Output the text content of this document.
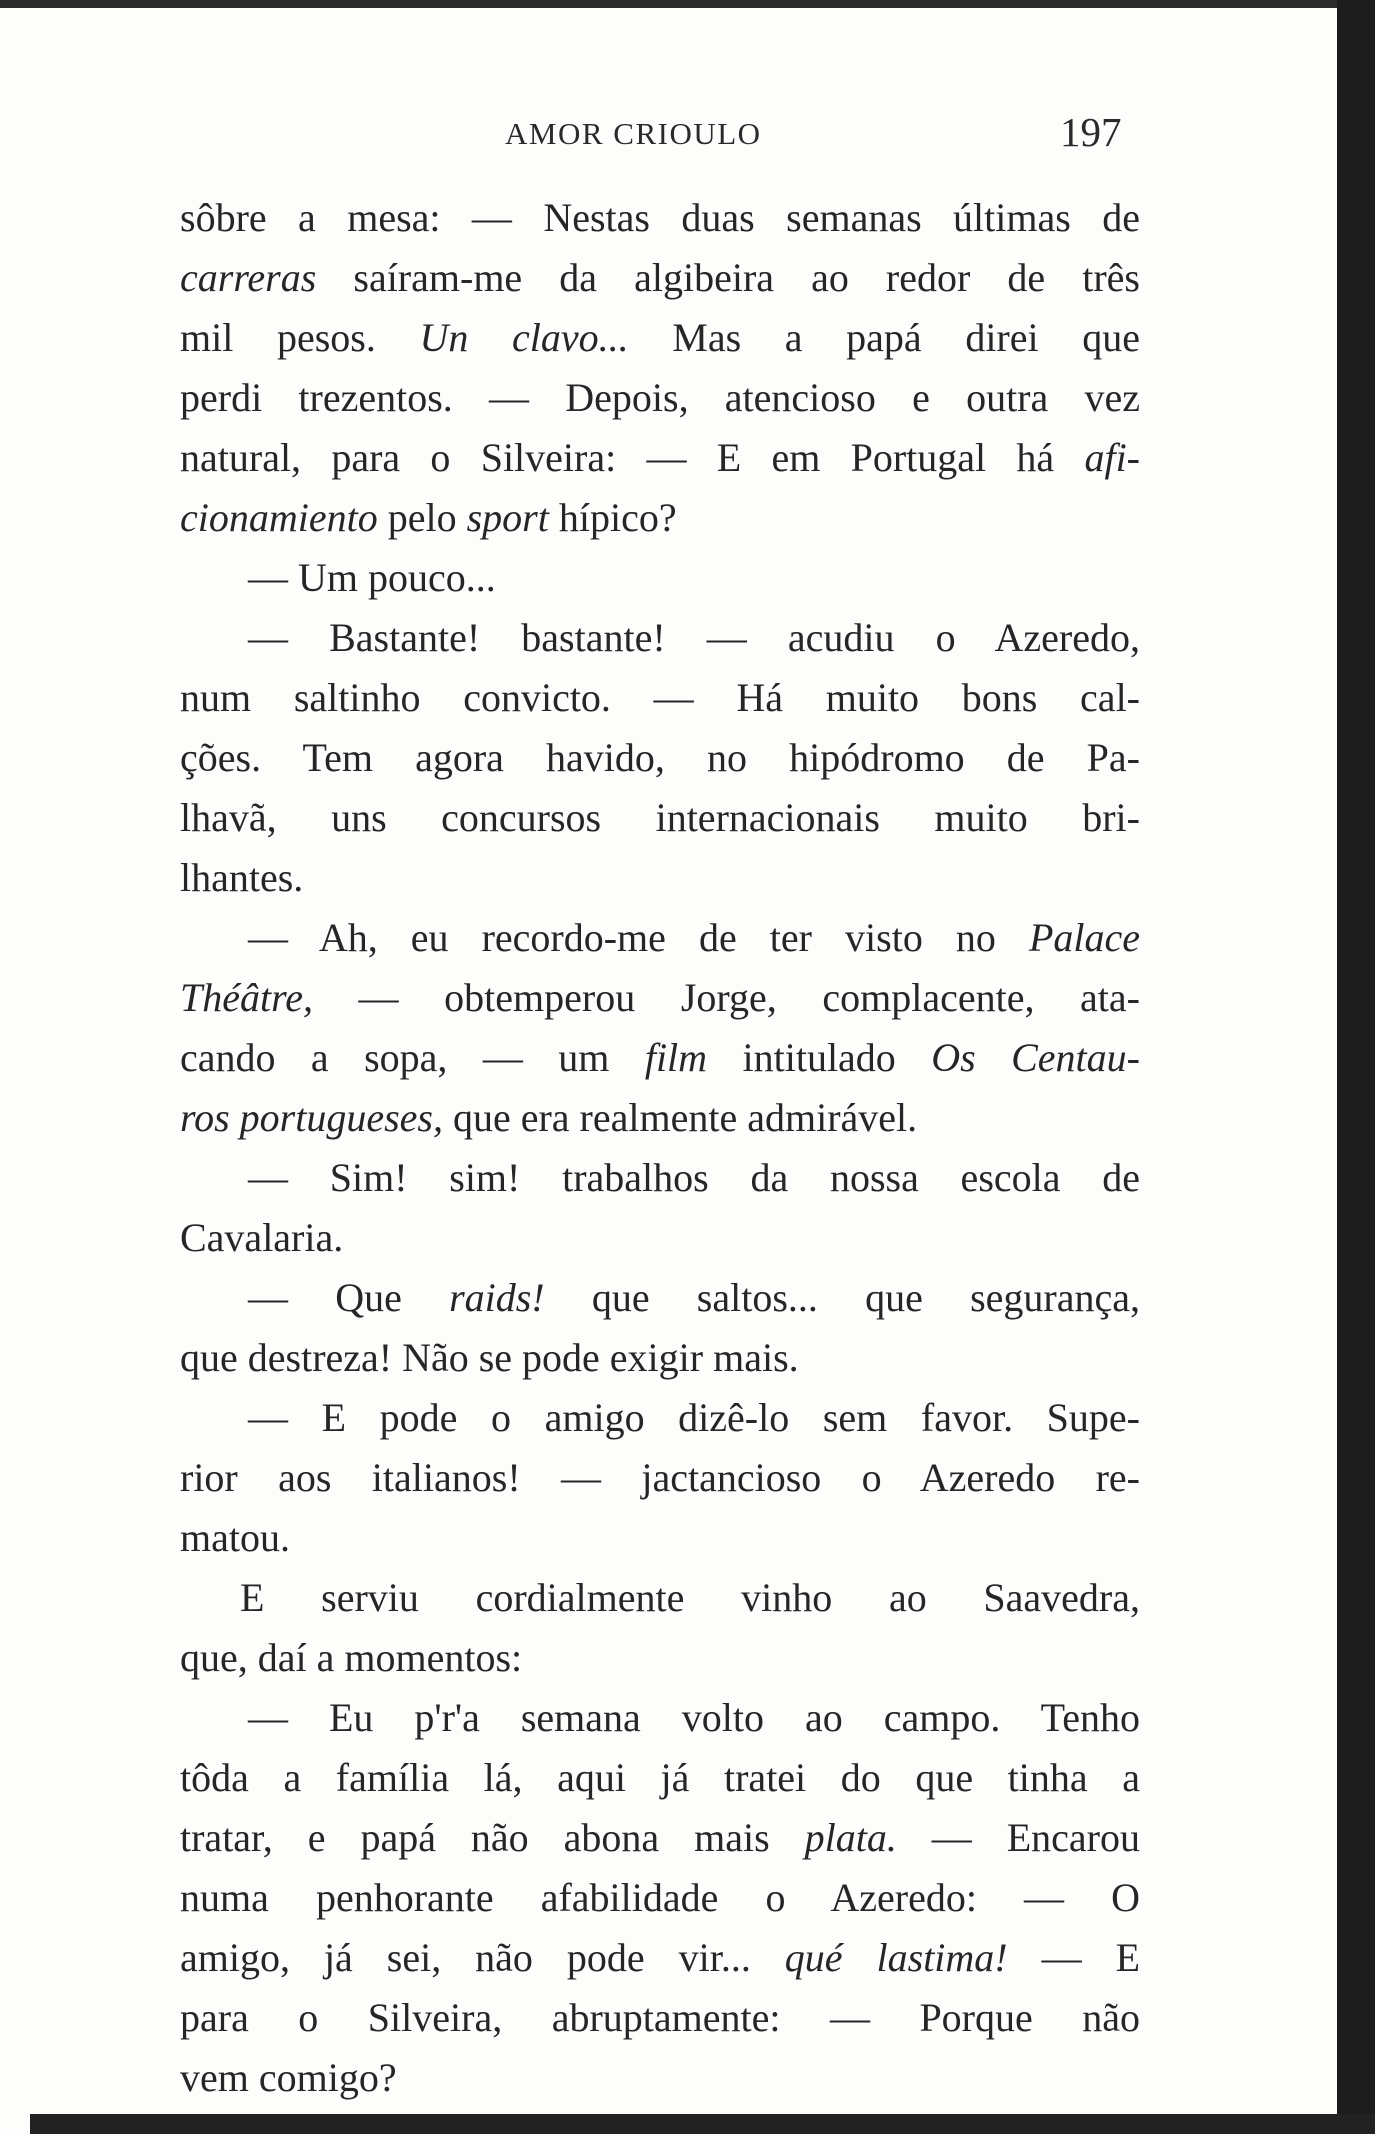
AMOR CRIOULO	197
sôbre a mesa: — Nestas duas semanas últimas de
carreras saíram-me da algibeira ao redor de três
mil pesos. Un clavo... Mas a papá direi que
perdi trezentos. — Depois, atencioso e outra vez
natural, para o Silveira: — E em Portugal há afi-
cionamiento pelo sport hípico?
— Um pouco...
— Bastante! bastante! — acudiu o Azeredo,
num saltinho convicto. — Há muito bons cal-
ções. Tem agora havido, no hipódromo de Pa-
lhavã, uns concursos internacionais muito bri-
lhantes.
— Ah, eu recordo-me de ter visto no Palace
Théâtre, — obtemperou Jorge, complacente, ata-
cando a sopa, — um film intitulado Os Centau-
ros portugueses, que era realmente admirável.
— Sim! sim! trabalhos da nossa escola de
Cavalaria.
— Que raids! que saltos... que segurança,
que destreza! Não se pode exigir mais.
— E pode o amigo dizê-lo sem favor. Supe-
rior aos italianos! — jactancioso o Azeredo re-
matou.
E serviu cordialmente vinho ao Saavedra,
que, daí a momentos:
— Eu p'r'a semana volto ao campo. Tenho
tôda a família lá, aqui já tratei do que tinha a
tratar, e papá não abona mais plata. — Encarou
numa penhorante afabilidade o Azeredo: — O
amigo, já sei, não pode vir... qué lastima! — E
para o Silveira, abruptamente: — Porque não
vem comigo?
